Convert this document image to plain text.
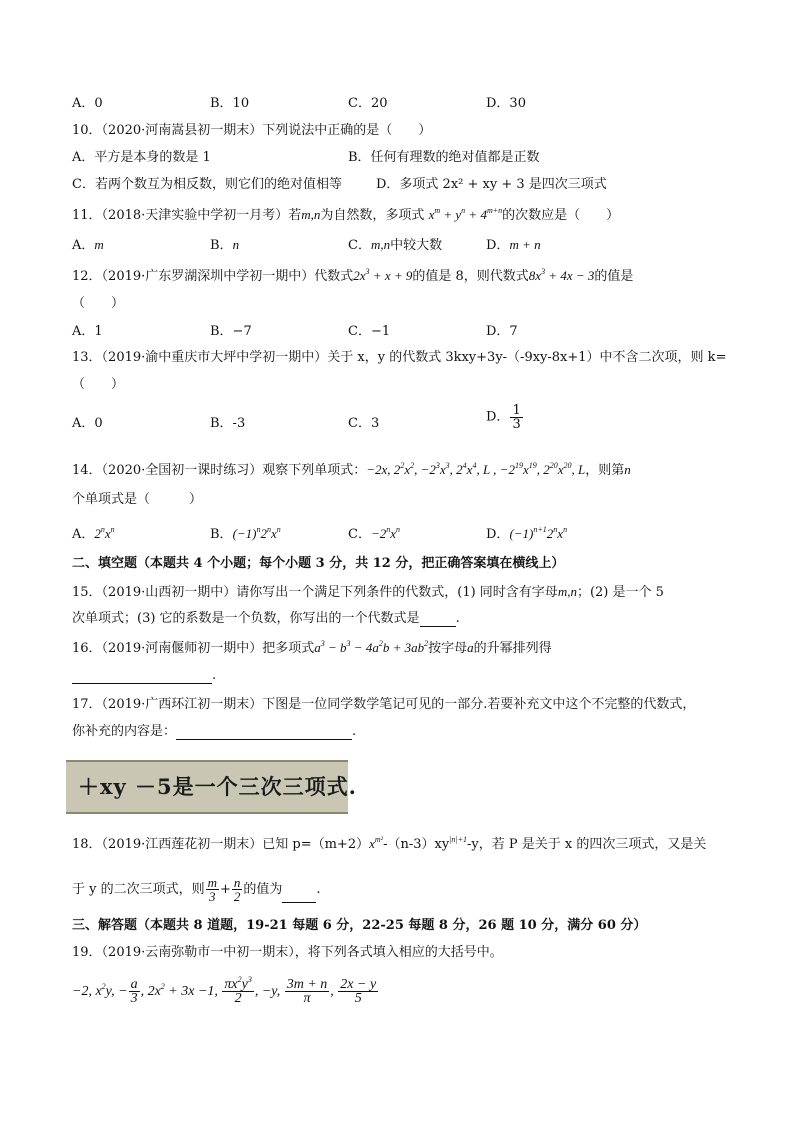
A．0	B．10	C．20	D．30
10．（2020·河南嵩县初一期末）下列说法中正确的是（　　）
A．平方是本身的数是 1	B．任何有理数的绝对值都是正数
C．若两个数互为相反数，则它们的绝对值相等	D．多项式 2x² + xy + 3 是四次三项式
11．（2018·天津实验中学初一月考）若m,n为自然数，多项式 $x^m + y^n + 4^{m+n}$的次数应是（　　）
A．m	B．n	C．m,n中较大数	D．m + n
12．（2019·广东罗湖深圳中学初一期中）代数式$2x^3 + x + 9$的值是 8，则代数式$8x^3 + 4x - 3$的值是
（　　）
A．1	B．−7	C．−1	D．7
13．（2019·渝中重庆市大坪中学初一期中）关于 x，y 的代数式 3kxy+3y-（-9xy-8x+1）中不含二次项，则 k=
（　　）
A．0	B．-3	C．3	D． $\frac{1}{3}$
14．（2020·全国初一课时练习）观察下列单项式：−2x, $2^2x^2$, $-2^3x^3$, $2^4x^4$, L , $-2^{19}x^{19}$, $2^{20}x^{20}$, L，则第n
个单项式是（　　　）
A．$2^nx^n$	B．$(-1)^n2^nx^n$	C．$-2^nx^n$	D．$(-1)^{n+1}2^nx^n$
二、填空题（本题共 4 个小题；每个小题 3 分，共 12 分，把正确答案填在横线上）
15．（2019·山西初一期中）请你写出一个满足下列条件的代数式，(1) 同时含有字母m,n；(2) 是一个 5
次单项式；(3) 它的系数是一个负数，你写出的一个代数式是	.
16．（2019·河南偃师初一期中）把多项式$a^3 - b^3 - 4a^2b + 3ab^2$按字母a的升幂排列得
.
17．（2019·广西环江初一期末）下图是一位同学数学笔记可见的一部分.若要补充文中这个不完整的代数式，
你补充的内容是：	.
＋xy －5是一个三次三项式.
18．（2019·江西莲花初一期末）已知 $p=(m+2)x^{m^2}-(n-3)xy^{|n|+1}-y$，若 P 是关于 x 的四次三项式，又是关
于 y 的二次三项式，则 $\frac{m}{3} + \frac{n}{2}$ 的值为	.
三、解答题（本题共 8 道题，19-21 每题 6 分，22-25 每题 8 分，26 题 10 分，满分 60 分）
19．（2019·云南弥勒市一中初一期末），将下列各式填入相应的大括号中。
−2, $x^2y$, − $\frac{a}{3}$ , $2x^2 + 3x -1$, $\frac{\pi x^2y^3}{2}$ , −y, $\frac{3m + n}{\pi}$ , $\frac{2x - y}{5}$
